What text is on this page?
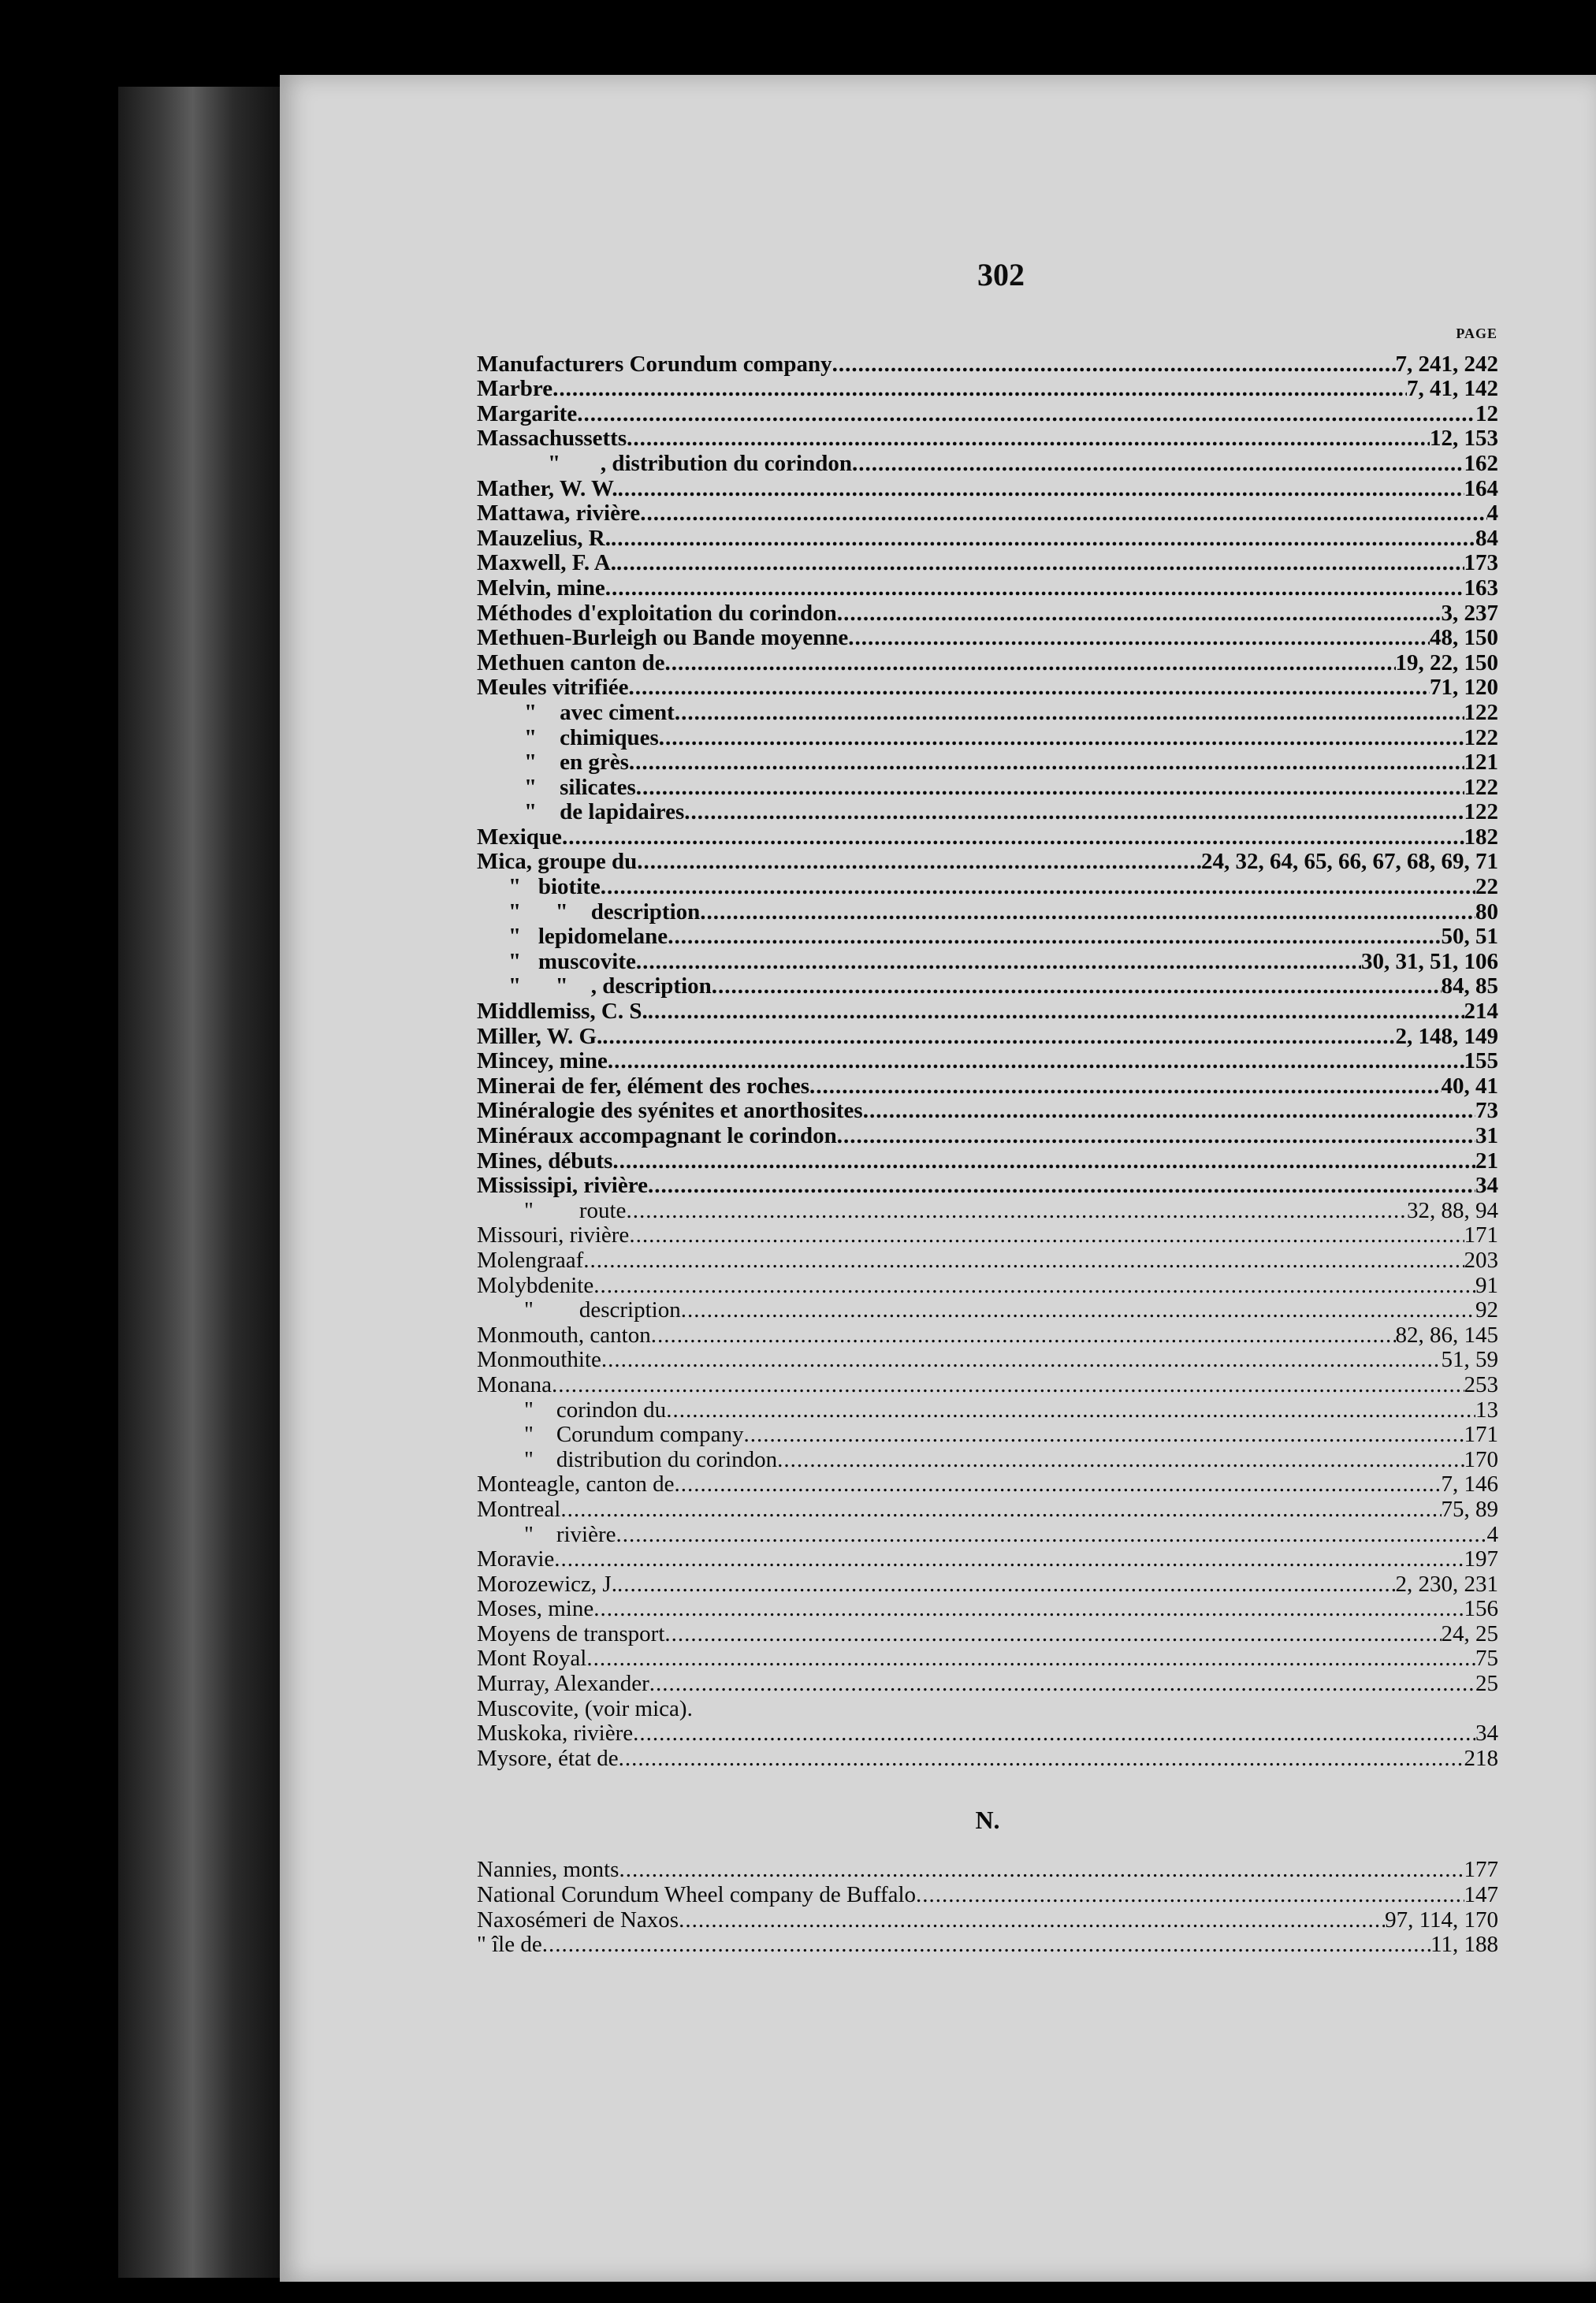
302
PAGE
Manufacturers Corundum company .....	7, 241, 242
Marbre .....	7, 41, 142
Margarite .....	12
Massachussetts .....	12, 153
"       , distribution du corindon .....	162
Mather, W. W. .....	164
Mattawa, rivière .....	4
Mauzelius, R. .....	84
Maxwell, F. A. .....	173
Melvin, mine .....	163
Méthodes d'exploitation du corindon .....	3, 237
Methuen-Burleigh ou Bande moyenne .....	48, 150
Methuen canton de .....	19, 22, 150
Meules vitrifiée .....	71, 120
"    avec ciment .....	122
"    chimiques .....	122
"    en grès .....	121
"    silicates .....	122
"    de lapidaires .....	122
Mexique .....	182
Mica, groupe du .....	24, 32, 64, 65, 66, 67, 68, 69, 71
"   biotite .....	22
"      "    description .....	80
"   lepidomelane .....	50, 51
"   muscovite .....	30, 31, 51, 106
"      "    , description .....	84, 85
Middlemiss, C. S. .....	214
Miller, W. G. .....	2, 148, 149
Mincey, mine .....	155
Minerai de fer, élément des roches .....	40, 41
Minéralogie des syénites et anorthosites .....	73
Minéraux accompagnant le corindon .....	31
Mines, débuts .....	21
Mississipi, rivière .....	34
"        route .....	32, 88, 94
Missouri, rivière .....	171
Molengraaf .....	203
Molybdenite .....	91
"        description .....	92
Monmouth, canton .....	82, 86, 145
Monmouthite .....	51, 59
Monana .....	253
"    corindon du .....	13
"    Corundum company .....	171
"    distribution du corindon .....	170
Monteagle, canton de .....	7, 146
Montreal .....	75, 89
"    rivière .....	4
Moravie .....	197
Morozewicz, J. .....	2, 230, 231
Moses, mine .....	156
Moyens de transport .....	24, 25
Mont Royal .....	75
Murray, Alexander .....	25
Muscovite, (voir mica).
Muskoka, rivière .....	34
Mysore, état de .....	218
N.
Nannies, monts .....	177
National Corundum Wheel company de Buffalo .....	147
Naxosémeri de Naxos .....	97, 114, 170
" île de .....	11, 188
